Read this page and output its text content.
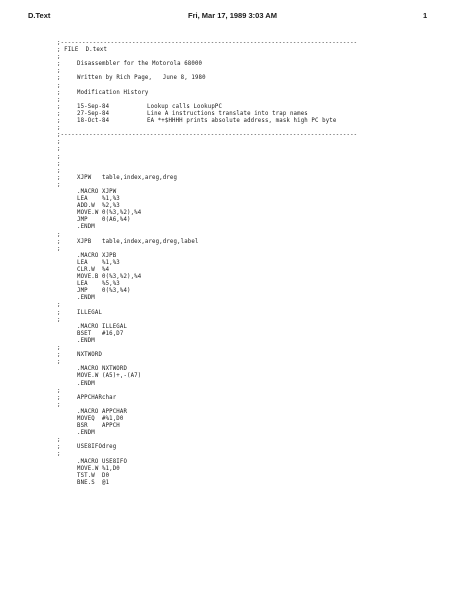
D.Text	Fri, Mar 17, 1989 3:03 AM	1
;-----------------------------------------------------------------------------------
; FILE  D.text
;
;	Disassembler for the Motorola 68000
;
;	Written by Rich Page,   June 8, 1980
;
;	Modification History
;
;	15-Sep-84	Lookup calls LookupPC
;	27-Sep-84	Line A instructions translate into trap names
;	18-Oct-84	EA *+$HHHH prints absolute address, mask high PC byte
;
;-----------------------------------------------------------------------------------
;
;
;
;
;
;	XJPW table,index,areg,dreg
;
.MACRO XJPW
LEA	%1,%3
ADD.W %2,%3
MOVE.W 0(%3,%2),%4
JMP	0(A6,%4)
.ENDM
;
;	XJPB table,index,areg,dreg,label
;
.MACRO XJPB
LEA	%1,%3
CLR.W %4
MOVE.B 0(%3,%2),%4
LEA	%5,%3
JMP	0(%3,%4)
.ENDM
;
;	ILLEGAL
;
.MACRO ILLEGAL
BSET #16,D7
.ENDM
;
;	NXTWORD
;
.MACRO NXTWORD
MOVE.W (A5)+,-(A7)
.ENDM
;
;	APPCHAR char
;
.MACRO APPCHAR
MOVEQ #%1,D0
BSR	APPCH
.ENDM
;
;	USE8IFO dreg
;
.MACRO USE8IFO
MOVE.W %1,D0
TST.W D0
BNE.S @1
